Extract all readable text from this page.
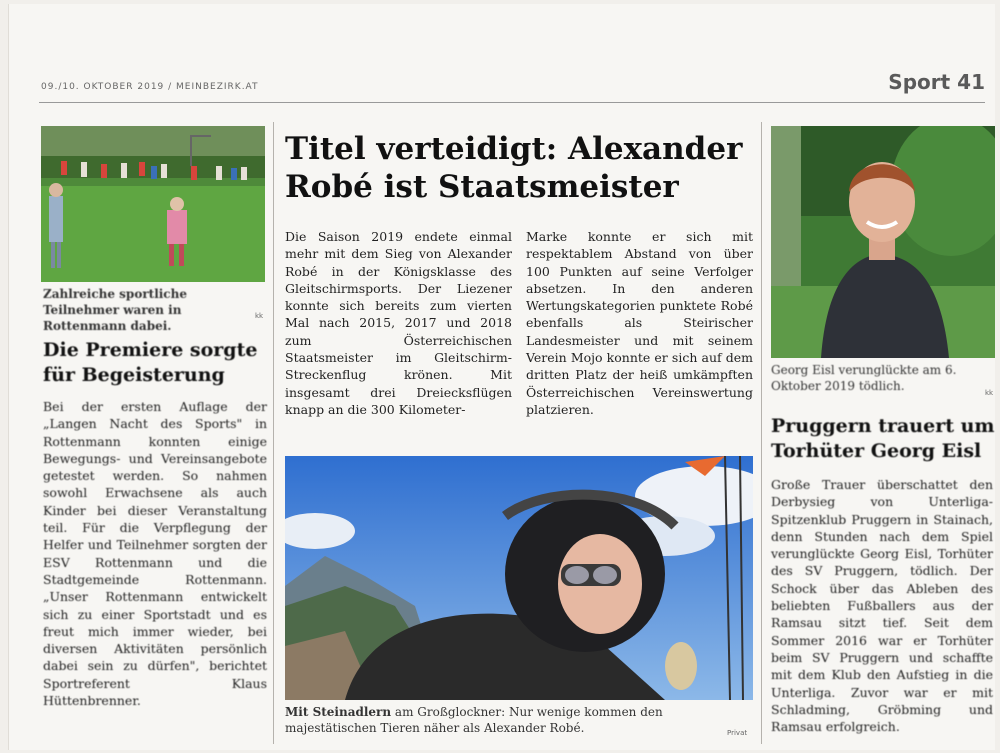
09./10. OKTOBER 2019 / MEINBEZIRK.AT	Sport 41
Zahlreiche sportliche Teilnehmer waren in Rottenmann dabei.
kk
Die Premiere sorgte für Begeisterung
Bei der ersten Auflage der „Langen Nacht des Sports" in Rottenmann konnten einige Bewegungs- und Vereinsangebote getestet werden. So nahmen sowohl Erwachsene als auch Kinder bei dieser Veranstaltung teil. Für die Verpflegung der Helfer und Teilnehmer sorgten der ESV Rottenmann und die Stadtgemeinde Rottenmann. „Unser Rottenmann entwickelt sich zu einer Sportstadt und es freut mich immer wieder, bei diversen Aktivitäten persönlich dabei sein zu dürfen", berichtet Sportreferent Klaus Hüttenbrenner.
Titel verteidigt: Alexander Robé ist Staatsmeister
Die Saison 2019 endete einmal mehr mit dem Sieg von Alexander Robé in der Königsklasse des Gleitschirmsports. Der Liezener konnte sich bereits zum vierten Mal nach 2015, 2017 und 2018 zum Österreichischen Staatsmeister im Gleitschirm-Streckenflug krönen. Mit insgesamt drei Dreiecksflügen knapp an die 300 Kilometer-
Marke konnte er sich mit respektablem Abstand von über 100 Punkten auf seine Verfolger absetzen. In den anderen Wertungskategorien punktete Robé ebenfalls als Steirischer Landesmeister und mit seinem Verein Mojo konnte er sich auf dem dritten Platz der heiß umkämpften Österreichischen Vereinswertung platzieren.
Mit Steinadlern am Großglockner: Nur wenige kommen den majestätischen Tieren näher als Alexander Robé.	Privat
Georg Eisl verunglückte am 6. Oktober 2019 tödlich.	kk
Pruggern trauert um Torhüter Georg Eisl
Große Trauer überschattet den Derbysieg von Unterliga-Spitzenklub Pruggern in Stainach, denn Stunden nach dem Spiel verunglückte Georg Eisl, Torhüter des SV Pruggern, tödlich. Der Schock über das Ableben des beliebten Fußballers aus der Ramsau sitzt tief. Seit dem Sommer 2016 war er Torhüter beim SV Pruggern und schaffte mit dem Klub den Aufstieg in die Unterliga. Zuvor war er mit Schladming, Gröbming und Ramsau erfolgreich.
